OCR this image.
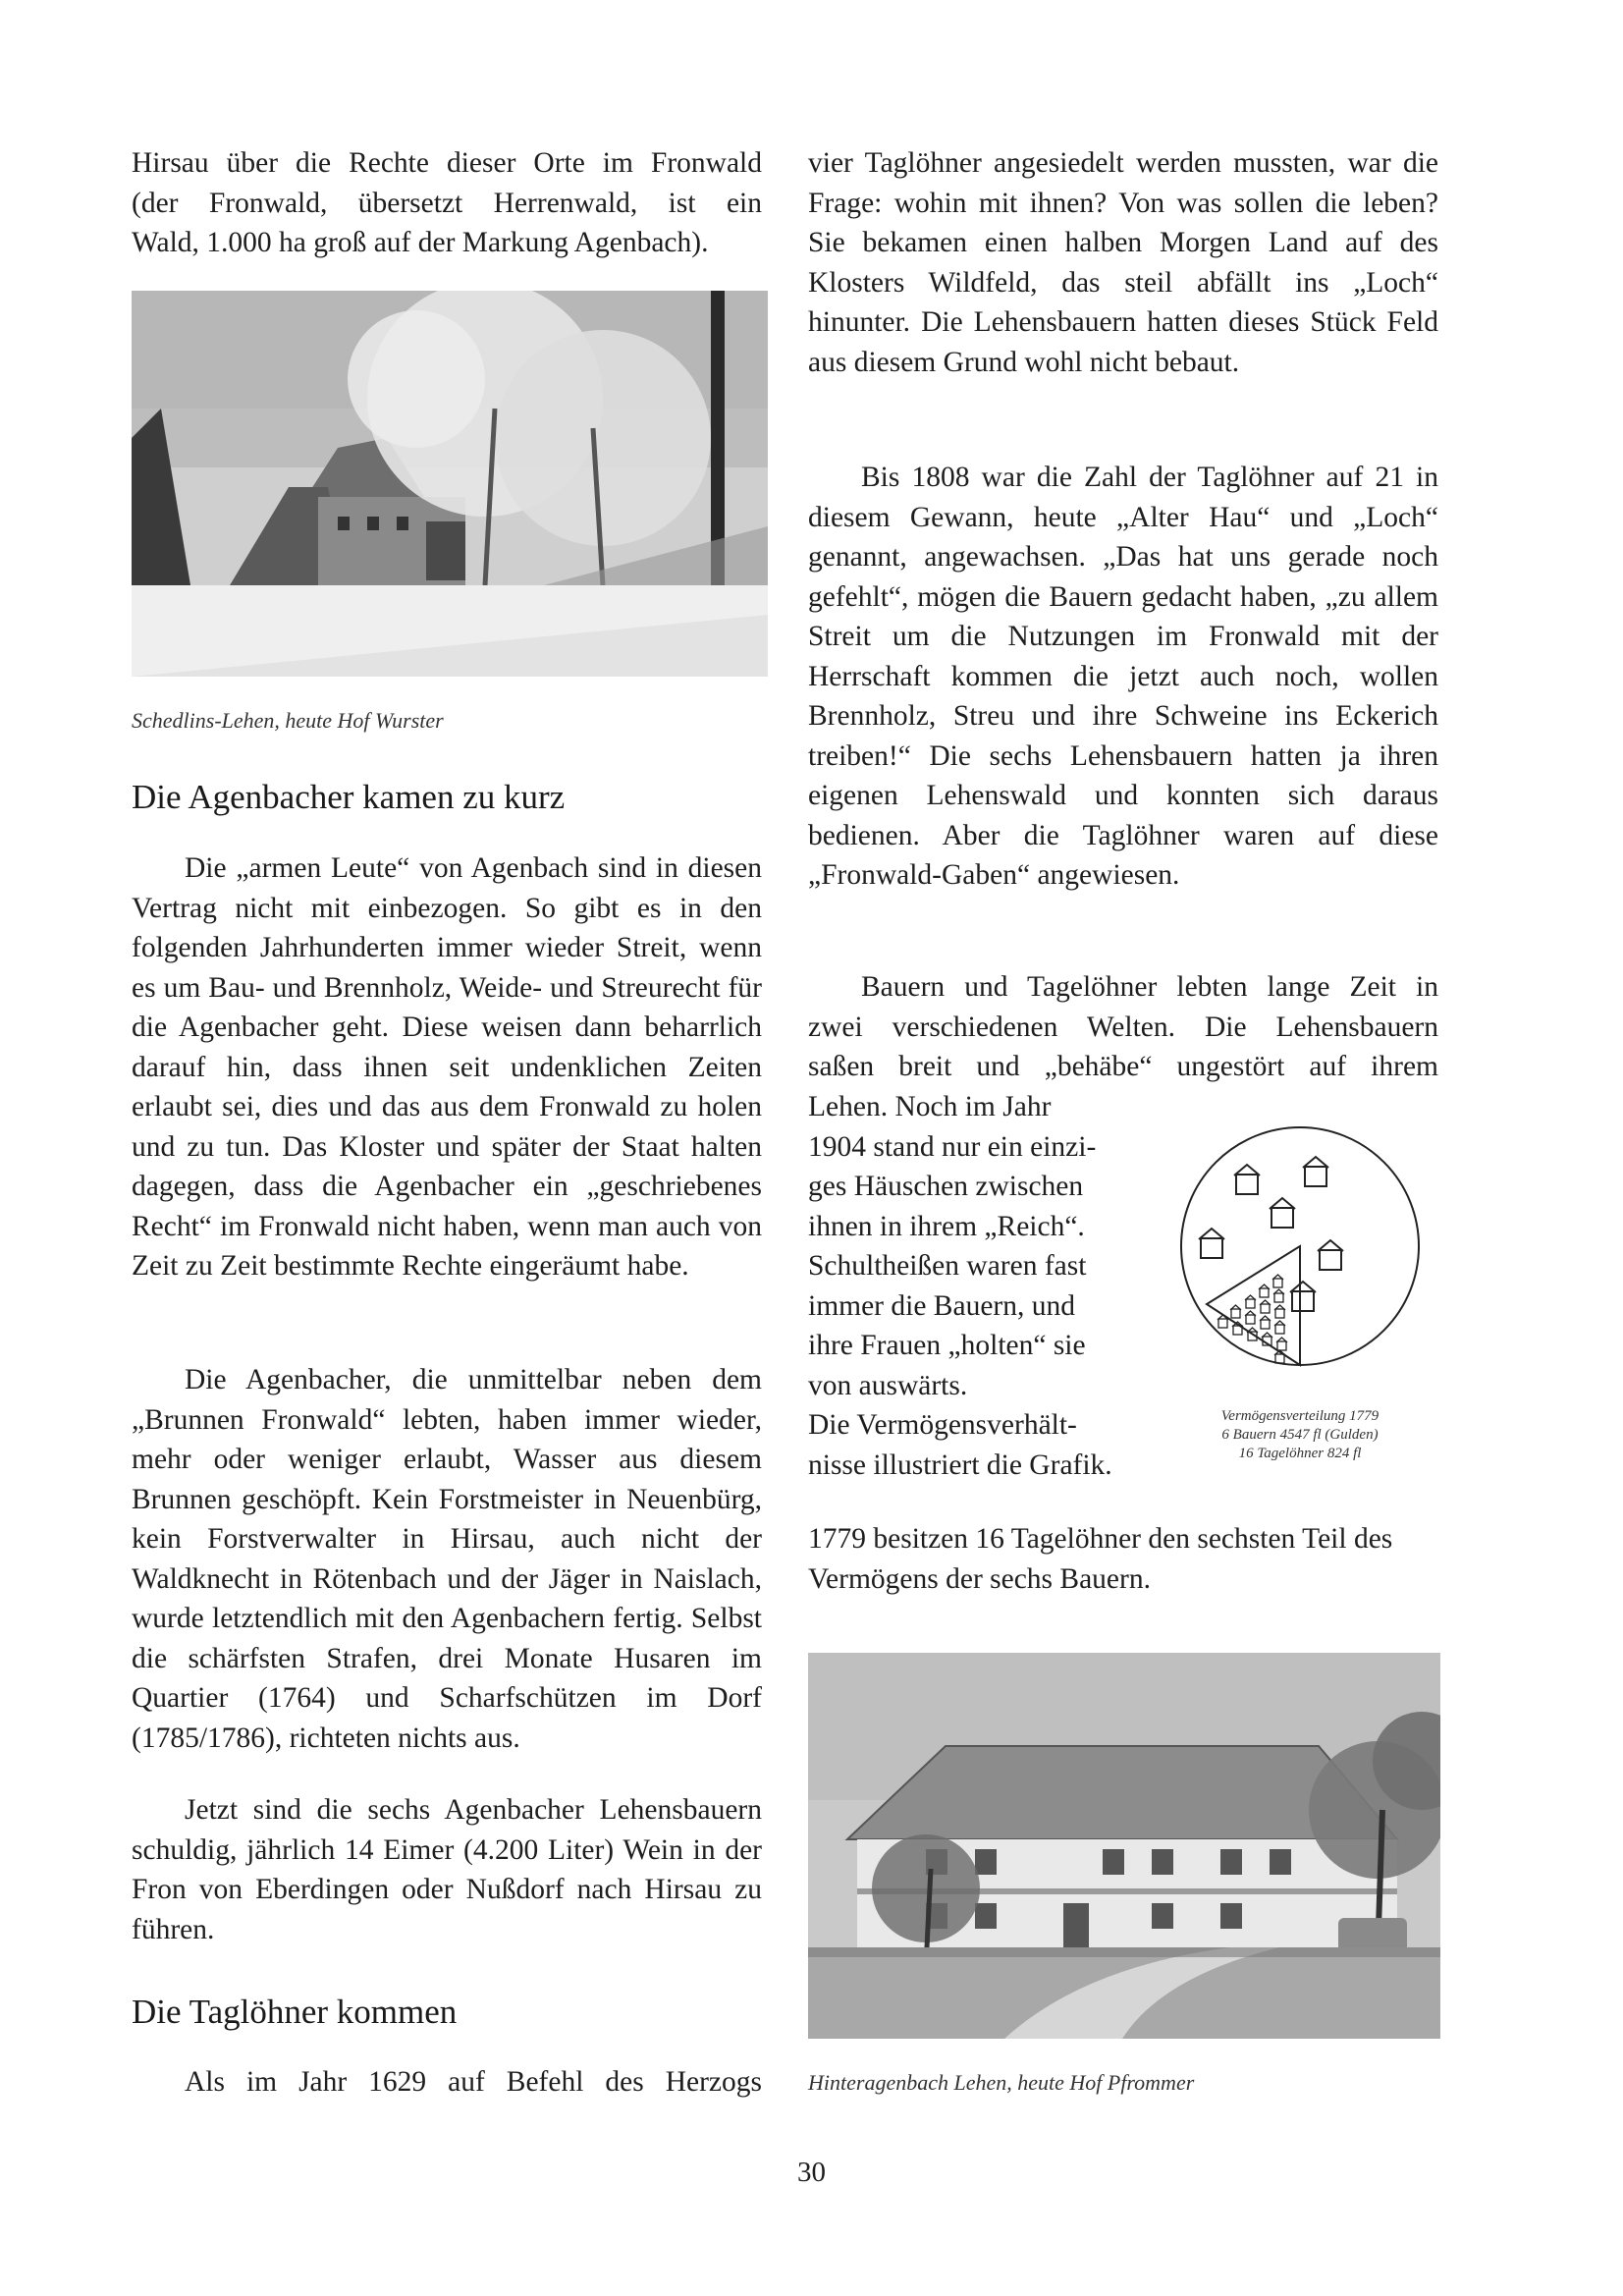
Hirsau über die Rechte dieser Orte im Fronwald
(der Fronwald, übersetzt Herrenwald, ist ein
Wald, 1.000 ha groß auf der Markung Agenbach).

Schedlins-Lehen, heute Hof Wurster

Die Agenbacher kamen zu kurz

Die „armen Leute“ von Agenbach sind in diesen Vertrag nicht mit einbezogen. So gibt es in den folgenden Jahrhunderten immer wieder Streit, wenn es um Bau- und Brennholz, Weide- und Streurecht für die Agenbacher geht. Diese weisen dann beharrlich darauf hin, dass ihnen seit undenklichen Zeiten erlaubt sei, dies und das aus dem Fronwald zu holen und zu tun. Das Kloster und später der Staat halten dagegen, dass die Agenbacher ein „geschriebenes Recht“ im Fronwald nicht haben, wenn man auch von Zeit zu Zeit bestimmte Rechte eingeräumt habe.

Die Agenbacher, die unmittelbar neben dem „Brunnen Fronwald“ lebten, haben immer wieder, mehr oder weniger erlaubt, Wasser aus diesem Brunnen geschöpft. Kein Forstmeister in Neuenbürg, kein Forstverwalter in Hirsau, auch nicht der Waldknecht in Rötenbach und der Jäger in Naislach, wurde letztendlich mit den Agenbachern fertig. Selbst die schärfsten Strafen, drei Monate Husaren im Quartier (1764) und Scharfschützen im Dorf (1785/1786), richteten nichts aus.

Jetzt sind die sechs Agenbacher Lehensbauern schuldig, jährlich 14 Eimer (4.200 Liter) Wein in der Fron von Eberdingen oder Nußdorf nach Hirsau zu führen.

Die Taglöhner kommen

Als im Jahr 1629 auf Befehl des Herzogs

vier Taglöhner angesiedelt werden mussten, war die Frage: wohin mit ihnen? Von was sollen die leben? Sie bekamen einen halben Morgen Land auf des Klosters Wildfeld, das steil abfällt ins „Loch“ hinunter. Die Lehensbauern hatten dieses Stück Feld aus diesem Grund wohl nicht bebaut.

Bis 1808 war die Zahl der Taglöhner auf 21 in diesem Gewann, heute „Alter Hau“ und „Loch“ genannt, angewachsen. „Das hat uns gerade noch gefehlt“, mögen die Bauern gedacht haben, „zu allem Streit um die Nutzungen im Fronwald mit der Herrschaft kommen die jetzt auch noch, wollen Brennholz, Streu und ihre Schweine ins Eckerich treiben!“ Die sechs Lehensbauern hatten ja ihren eigenen Lehenswald und konnten sich daraus bedienen. Aber die Taglöhner waren auf diese „Fronwald-Gaben“ angewiesen.

Bauern und Tagelöhner lebten lange Zeit in
zwei verschiedenen Welten. Die Lehensbauern
saßen breit und „behäbe“ ungestört auf ihrem

Lehen. Noch im Jahr
1904 stand nur ein einzi-
ges Häuschen zwischen
ihnen in ihrem „Reich“.
Schultheißen waren fast
immer die Bauern, und
ihre Frauen „holten“ sie
von auswärts.
Die Vermögensverhält-
nisse illustriert die Grafik.

Vermögensverteilung 1779
6 Bauern 4547 fl (Gulden)
16 Tagelöhner 824 fl

1779 besitzen 16 Tagelöhner den sechsten Teil des Vermögens der sechs Bauern.

Hinteragenbach Lehen, heute Hof Pfrommer

30
